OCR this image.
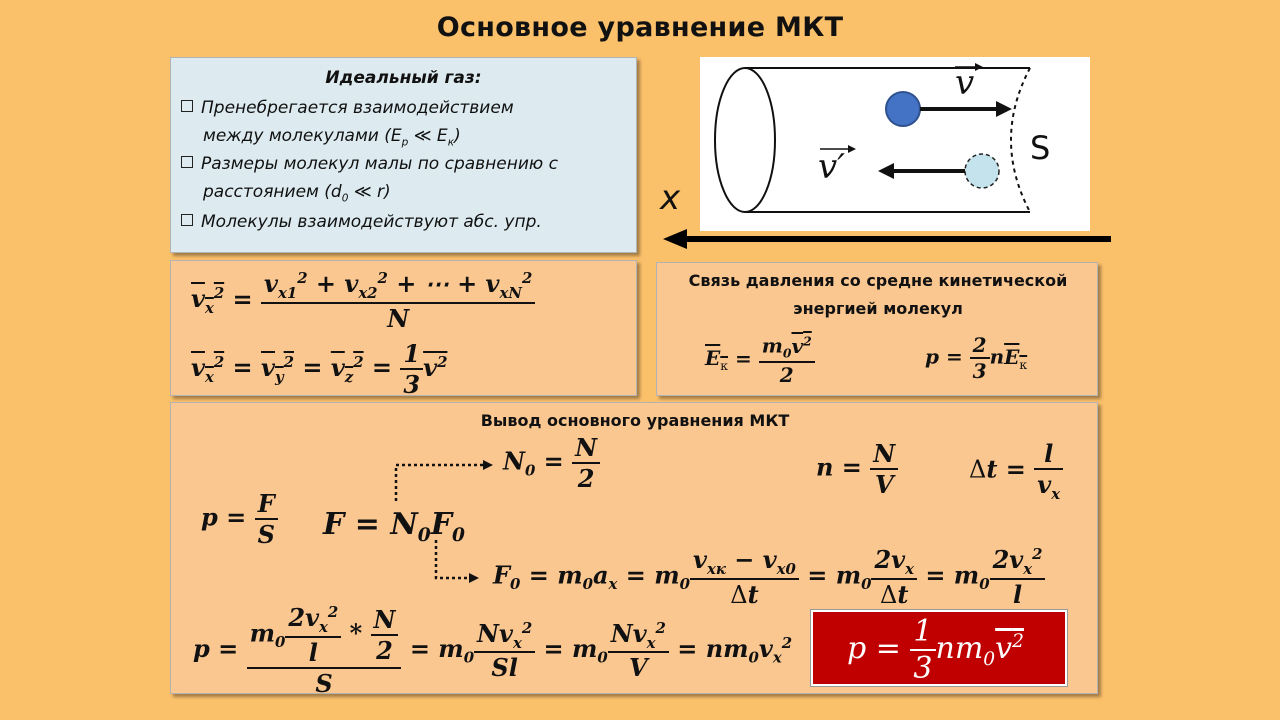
Основное уравнение МКТ
Идеальный газ:
Пренебрегается взаимодействием
между молекулами ($E_p$ ≪ $E_к$)
Размеры молекул малы по сравнению с
расстоянием ($d_0$ ≪ r)
Молекулы взаимодействуют абс. упр.
v
v′	S
x
$v_x^2 = \frac{v_{x1}^2 + v_{x2}^2 + \cdots + v_{xN}^2}{N}$
$v_x^2 = v_y^2 = v_z^2 = \frac{1}{3} v^2$
Связь давления со средне кинетической
энергией молекул
$E_к = \frac{m_0v^2}{2}$	$p = \frac{2}{3} nE_к$
Вывод основного уравнения МКТ
$N_0 = \frac{N}{2}$	$n = \frac{N}{V}$	$\Delta t = \frac{l}{v_x}$
$p = \frac{F}{S}$ $F = N_0F_0$
$F_0 = m_0a_x = m_0 \frac{v_{xк} - v_{x0}}{\Delta t} = m_0 \frac{2v_x}{\Delta t} = m_0 \frac{2v_x^2}{l}$
$p = \frac{m_0 \frac{2v_x^2}{l} * \frac{N}{2}}{S} = m_0 \frac{Nv_x^2}{Sl} = m_0 \frac{Nv_x^2}{V} = nm_0v_x^2$ $p = \frac{1}{3} nm_0v^2$
